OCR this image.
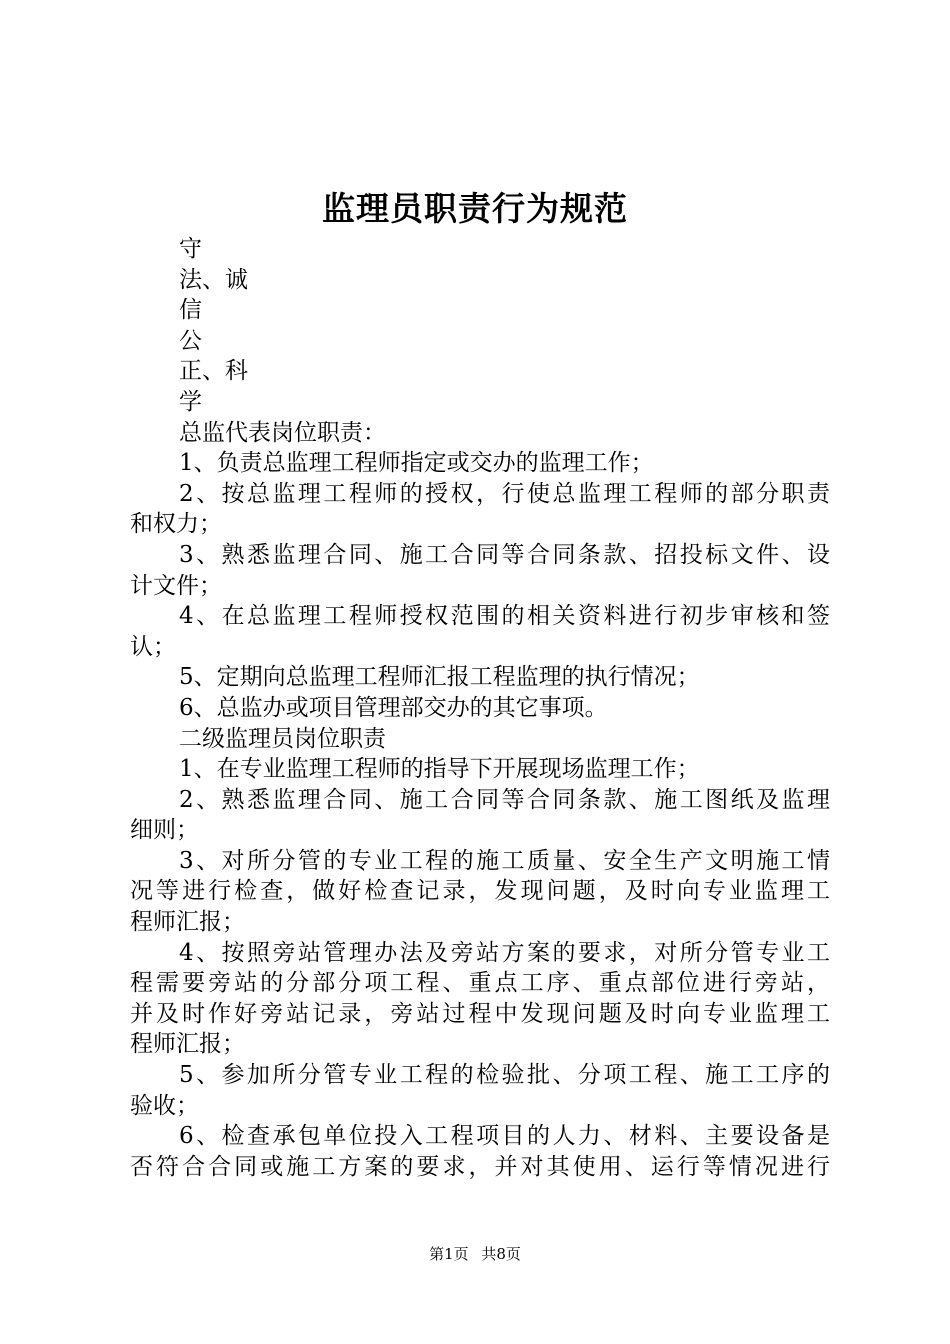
监理员职责行为规范

守

法、诚

信

公

正、科

学

总监代表岗位职责：

1、负责总监理工程师指定或交办的监理工作；

2、按总监理工程师的授权，行使总监理工程师的部分职责

和权力；

3、熟悉监理合同、施工合同等合同条款、招投标文件、设

计文件；

4、在总监理工程师授权范围的相关资料进行初步审核和签

认；

5、定期向总监理工程师汇报工程监理的执行情况；

6、总监办或项目管理部交办的其它事项。

二级监理员岗位职责

1、在专业监理工程师的指导下开展现场监理工作；

2、熟悉监理合同、施工合同等合同条款、施工图纸及监理

细则；

3、对所分管的专业工程的施工质量、安全生产文明施工情

况等进行检查，做好检查记录，发现问题，及时向专业监理工

程师汇报；

4、按照旁站管理办法及旁站方案的要求，对所分管专业工

程需要旁站的分部分项工程、重点工序、重点部位进行旁站，

并及时作好旁站记录，旁站过程中发现问题及时向专业监理工

程师汇报；

5、参加所分管专业工程的检验批、分项工程、施工工序的

验收；

6、检查承包单位投入工程项目的人力、材料、主要设备是

否符合合同或施工方案的要求，并对其使用、运行等情况进行

第1页 共8页
